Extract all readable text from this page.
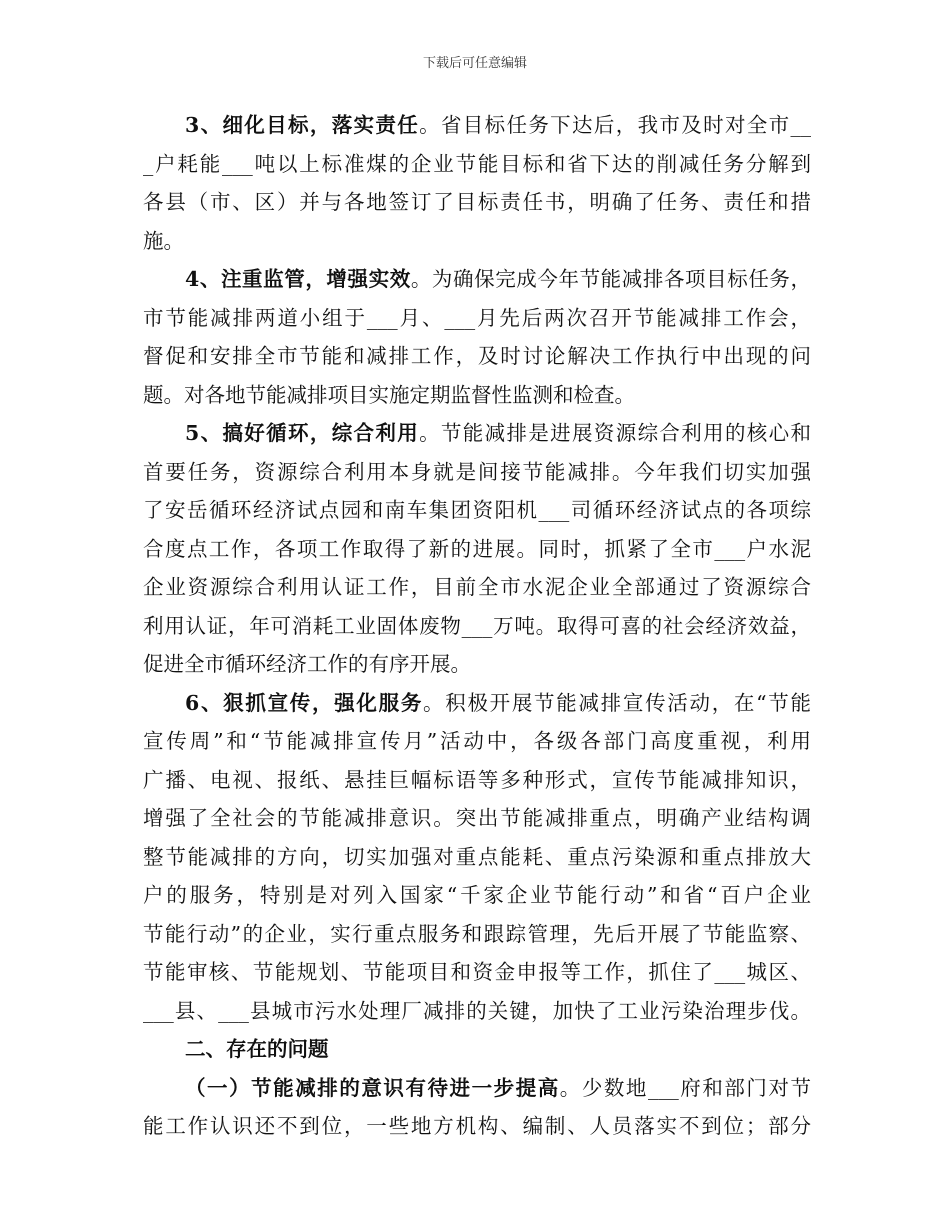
下载后可任意编辑
3、细化目标，落实责任。省目标任务下达后，我市及时对全市__
_户耗能___吨以上标准煤的企业节能目标和省下达的削减任务分解到
各县（市、区）并与各地签订了目标责任书，明确了任务、责任和措
施。
4、注重监管，增强实效。为确保完成今年节能减排各项目标任务，
市节能减排两道小组于___月、___月先后两次召开节能减排工作会，
督促和安排全市节能和减排工作，及时讨论解决工作执行中出现的问
题。对各地节能减排项目实施定期监督性监测和检查。
5、搞好循环，综合利用。节能减排是进展资源综合利用的核心和
首要任务，资源综合利用本身就是间接节能减排。今年我们切实加强
了安岳循环经济试点园和南车集团资阳机___司循环经济试点的各项综
合度点工作，各项工作取得了新的进展。同时，抓紧了全市___户水泥
企业资源综合利用认证工作，目前全市水泥企业全部通过了资源综合
利用认证，年可消耗工业固体废物___万吨。取得可喜的社会经济效益，
促进全市循环经济工作的有序开展。
6、狠抓宣传，强化服务。积极开展节能减排宣传活动，在“节能
宣传周”和“节能减排宣传月”活动中，各级各部门高度重视，利用
广播、电视、报纸、悬挂巨幅标语等多种形式，宣传节能减排知识，
增强了全社会的节能减排意识。突出节能减排重点，明确产业结构调
整节能减排的方向，切实加强对重点能耗、重点污染源和重点排放大
户的服务，特别是对列入国家“千家企业节能行动”和省“百户企业
节能行动”的企业，实行重点服务和跟踪管理，先后开展了节能监察、
节能审核、节能规划、节能项目和资金申报等工作，抓住了___城区、
___县、___县城市污水处理厂减排的关键，加快了工业污染治理步伐。
二、存在的问题
（一）节能减排的意识有待进一步提高。少数地___府和部门对节
能工作认识还不到位，一些地方机构、编制、人员落实不到位；部分
